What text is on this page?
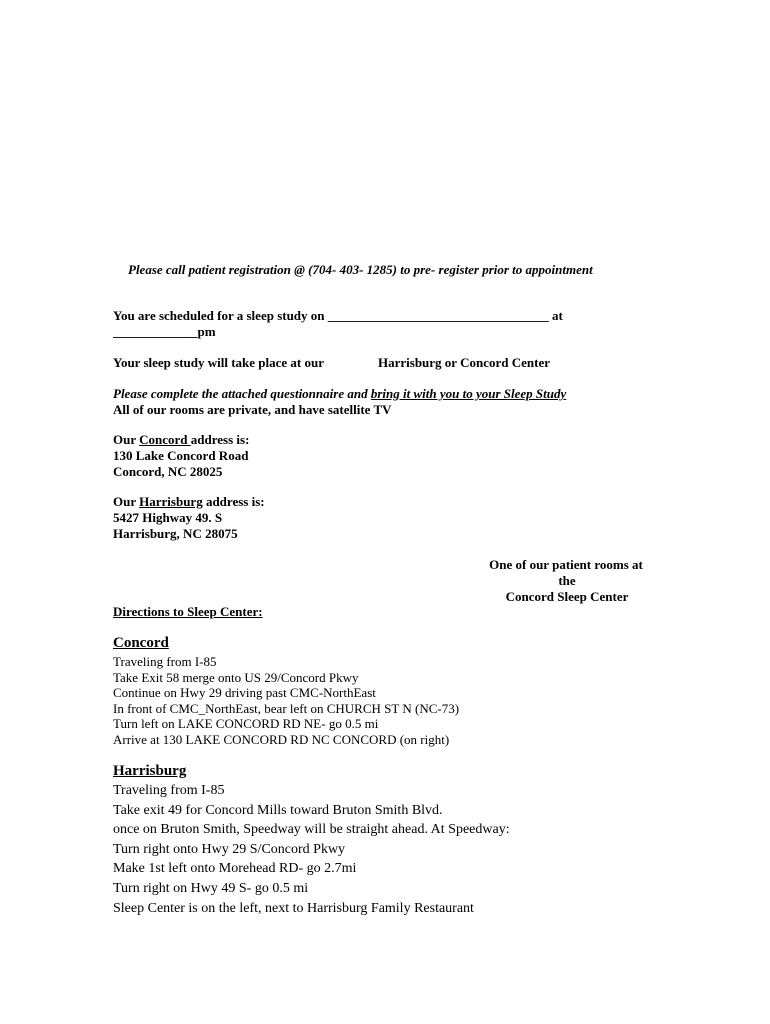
Please call patient registration @ (704- 403- 1285) to pre- register prior to appointment
You are scheduled for a sleep study on __________________________________ at
_____________pm
Your sleep study will take place at our	Harrisburg or Concord Center
Please complete the attached questionnaire and bring it with you to your Sleep Study
All of our rooms are private, and have satellite TV
Our Concord address is:
130 Lake Concord Road
Concord, NC 28025
Our Harrisburg address is:
5427 Highway 49. S
Harrisburg, NC 28075
One of our patient rooms at
the
Concord Sleep Center
Directions to Sleep Center:
Concord
Traveling from I-85
Take Exit 58 merge onto US 29/Concord Pkwy
Continue on Hwy 29 driving past CMC-NorthEast
In front of CMC_NorthEast, bear left on CHURCH ST N (NC-73)
Turn left on LAKE CONCORD RD NE- go 0.5 mi
Arrive at 130 LAKE CONCORD RD NC CONCORD (on right)
Harrisburg
Traveling from I-85
Take exit 49 for Concord Mills toward Bruton Smith Blvd.
once on Bruton Smith, Speedway will be straight ahead. At Speedway:
Turn right onto Hwy 29 S/Concord Pkwy
Make 1st left onto Morehead RD- go 2.7mi
Turn right on Hwy 49 S- go 0.5 mi
Sleep Center is on the left, next to Harrisburg Family Restaurant
